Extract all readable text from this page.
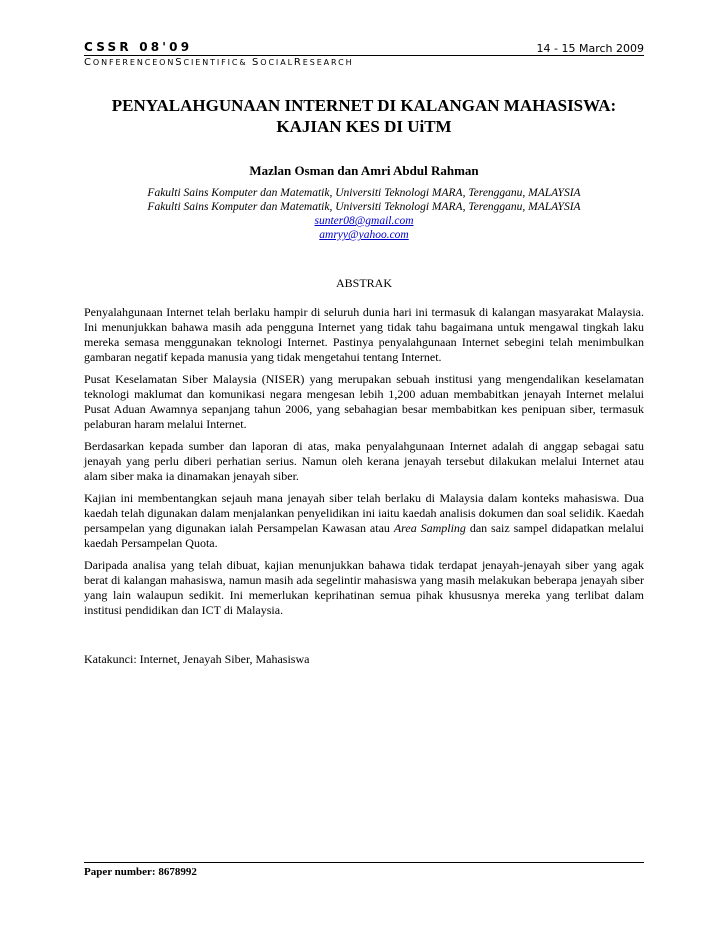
CSSR 08'09
CONFERENCEONSCIENTIFIC& SOCIALRESEARCH
14 - 15 March 2009
PENYALAHGUNAAN INTERNET DI KALANGAN MAHASISWA:
KAJIAN KES DI UiTM
Mazlan Osman dan Amri Abdul Rahman
Fakulti Sains Komputer dan Matematik, Universiti Teknologi MARA, Terengganu, MALAYSIA
Fakulti Sains Komputer dan Matematik, Universiti Teknologi MARA, Terengganu, MALAYSIA
sunter08@gmail.com
amryy@yahoo.com
ABSTRAK

Penyalahgunaan Internet telah berlaku hampir di seluruh dunia hari ini termasuk di kalangan masyarakat Malaysia. Ini menunjukkan bahawa masih ada pengguna Internet yang tidak tahu bagaimana untuk mengawal tingkah laku mereka semasa menggunakan teknologi Internet. Pastinya penyalahgunaan Internet sebegini telah menimbulkan gambaran negatif kepada manusia yang tidak mengetahui tentang Internet.

Pusat Keselamatan Siber Malaysia (NISER) yang merupakan sebuah institusi yang mengendalikan keselamatan teknologi maklumat dan komunikasi negara mengesan lebih 1,200 aduan membabitkan jenayah Internet melalui Pusat Aduan Awamnya sepanjang tahun 2006, yang sebahagian besar membabitkan kes penipuan siber, termasuk pelaburan haram melalui Internet.

Berdasarkan kepada sumber dan laporan di atas, maka penyalahgunaan Internet adalah di anggap sebagai satu jenayah yang perlu diberi perhatian serius. Namun oleh kerana jenayah tersebut dilakukan melalui Internet atau alam siber maka ia dinamakan jenayah siber.

Kajian ini membentangkan sejauh mana jenayah siber telah berlaku di Malaysia dalam konteks mahasiswa. Dua kaedah telah digunakan dalam menjalankan penyelidikan ini iaitu kaedah analisis dokumen dan soal selidik. Kaedah persampelan yang digunakan ialah Persampelan Kawasan atau Area Sampling dan saiz sampel didapatkan melalui kaedah Persampelan Quota.

Daripada analisa yang telah dibuat, kajian menunjukkan bahawa tidak terdapat jenayah-jenayah siber yang agak berat di kalangan mahasiswa, namun masih ada segelintir mahasiswa yang masih melakukan beberapa jenayah siber yang lain walaupun sedikit. Ini memerlukan keprihatinan semua pihak khususnya mereka yang terlibat dalam institusi pendidikan dan ICT di Malaysia.

Katakunci: Internet, Jenayah Siber, Mahasiswa
Paper number: 8678992
